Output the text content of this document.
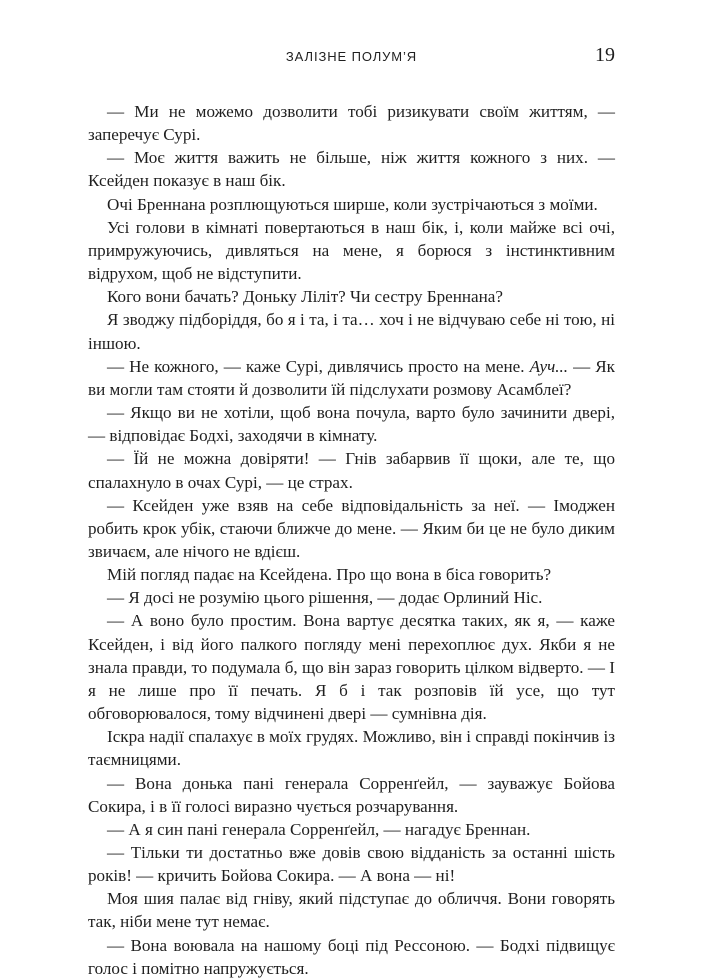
ЗАЛІЗНЕ ПОЛУМ’Я	19

— Ми не можемо дозволити тобі ризикувати своїм життям, — заперечує Сурі.

— Моє життя важить не більше, ніж життя кожного з них. — Ксейден показує в наш бік.

Очі Бреннана розплющуються ширше, коли зустрічаються з моїми.

Усі голови в кімнаті повертаються в наш бік, і, коли майже всі очі, примружуючись, дивляться на мене, я борюся з інстинктивним відрухом, щоб не відступити.

Кого вони бачать? Доньку Ліліт? Чи сестру Бреннана?

Я зводжу підборіддя, бо я і та, і та… хоч і не відчуваю себе ні тою, ні іншою.

— Не кожного, — каже Сурі, дивлячись просто на мене. Ауч... — Як ви могли там стояти й дозволити їй підслухати розмову Асамблеї?

— Якщо ви не хотіли, щоб вона почула, варто було зачинити двері, — відповідає Бодхі, заходячи в кімнату.

— Їй не можна довіряти! — Гнів забарвив її щоки, але те, що спалахнуло в очах Сурі, — це страх.

— Ксейден уже взяв на себе відповідальність за неї. — Імоджен робить крок убік, стаючи ближче до мене. — Яким би це не було диким звичаєм, але нічого не вдієш.

Мій погляд падає на Ксейдена. Про що вона в біса говорить?

— Я досі не розумію цього рішення, — додає Орлиний Ніс.

— А воно було простим. Вона вартує десятка таких, як я, — каже Ксейден, і від його палкого погляду мені перехоплює дух. Якби я не знала правди, то подумала б, що він зараз говорить цілком відверто. — І я не лише про її печать. Я б і так розповів їй усе, що тут обговорювалося, тому відчинені двері — сумнівна дія.

Іскра надії спалахує в моїх грудях. Можливо, він і справді покінчив із таємницями.

— Вона донька пані генерала Сорренґейл, — зауважує Бойова Сокира, і в її голосі виразно чується розчарування.

— А я син пані генерала Сорренґейл, — нагадує Бреннан.

— Тільки ти достатньо вже довів свою відданість за останні шість років! — кричить Бойова Сокира. — А вона — ні!

Моя шия палає від гніву, який підступає до обличчя. Вони говорять так, ніби мене тут немає.

— Вона воювала на нашому боці під Рессоною. — Бодхі підвищує голос і помітно напружується.
